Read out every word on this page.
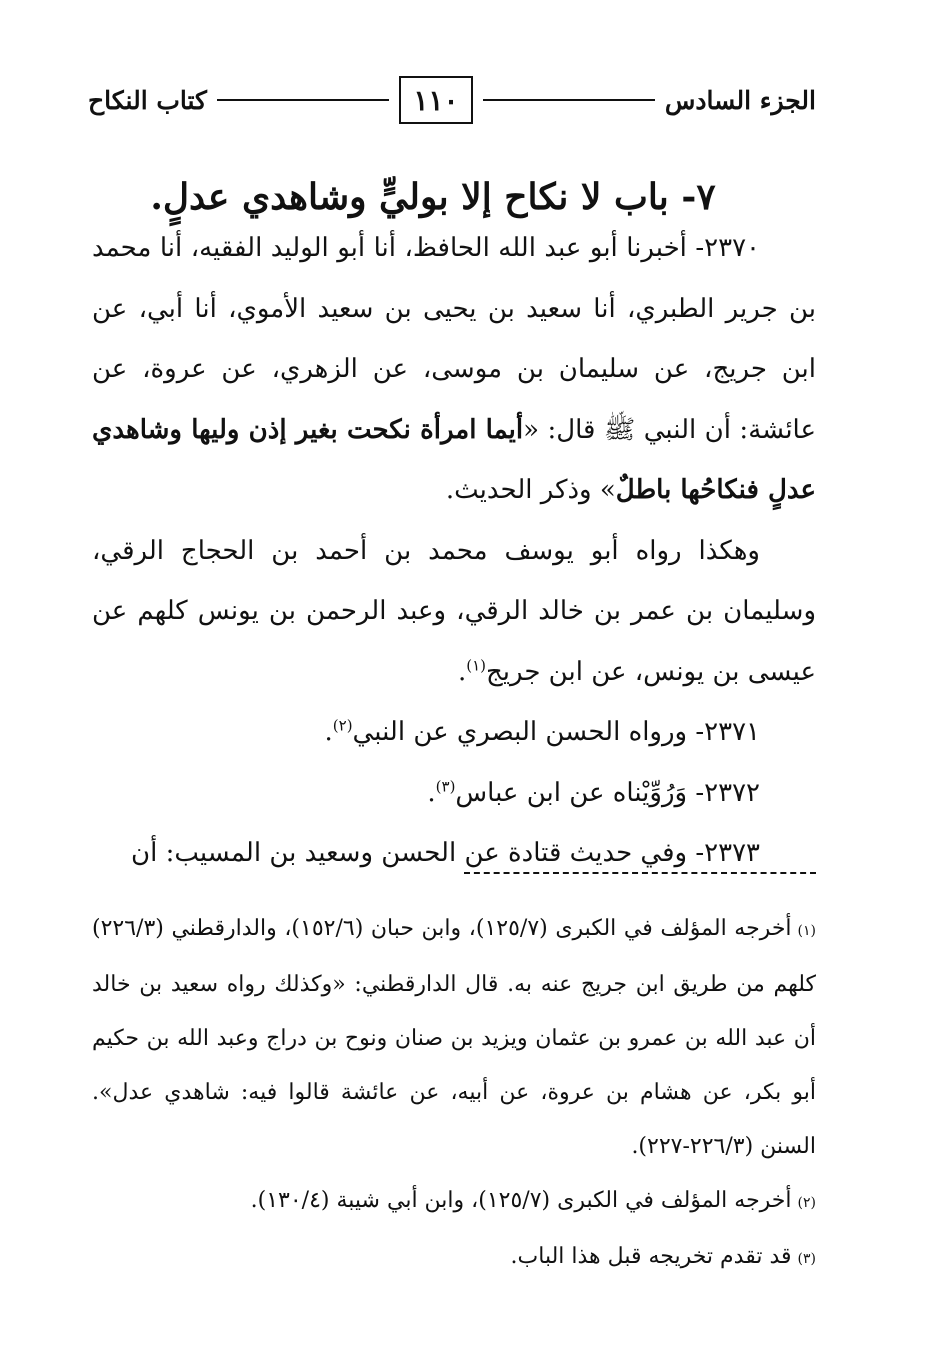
الجزء السادس
١١٠
كتاب النكاح
٧- باب لا نكاح إلا بوليٍّ وشاهدي عدلٍ.

٢٣٧٠- أخبرنا أبو عبد الله الحافظ، أنا أبو الوليد الفقيه، أنا محمد بن جرير الطبري، أنا سعيد بن يحيى بن سعيد الأموي، أنا أبي، عن ابن جريج، عن سليمان بن موسى، عن الزهري، عن عروة، عن عائشة: أن النبي ﷺ قال: «أيما امرأة نكحت بغير إذن وليها وشاهدي عدلٍ فنكاحُها باطلٌ» وذكر الحديث.

وهكذا رواه أبو يوسف محمد بن أحمد بن الحجاج الرقي، وسليمان بن عمر بن خالد الرقي، وعبد الرحمن بن يونس كلهم عن عيسى بن يونس، عن ابن جريج$^{(١)}$.

٢٣٧١- ورواه الحسن البصري عن النبي$^{(٢)}$.

٢٣٧٢- وَرُوِّيْناه عن ابن عباس$^{(٣)}$.

٢٣٧٣- وفي حديث قتادة عن الحسن وسعيد بن المسيب: أن

(١)أخرجه المؤلف في الكبرى (١٢٥/٧)، وابن حبان (١٥٢/٦)، والدارقطني (٢٢٦/٣) كلهم من طريق ابن جريج عنه به. قال الدارقطني: «وكذلك رواه سعيد بن خالد أن عبد الله بن عمرو بن عثمان ويزيد بن صنان ونوح بن دراج وعبد الله بن حكيم أبو بكر، عن هشام بن عروة، عن أبيه، عن عائشة قالوا فيه: شاهدي عدل». السنن (٢٢٦/٣-٢٢٧).

(٢)أخرجه المؤلف في الكبرى (١٢٥/٧)، وابن أبي شيبة (١٣٠/٤).

(٣)قد تقدم تخريجه قبل هذا الباب.
